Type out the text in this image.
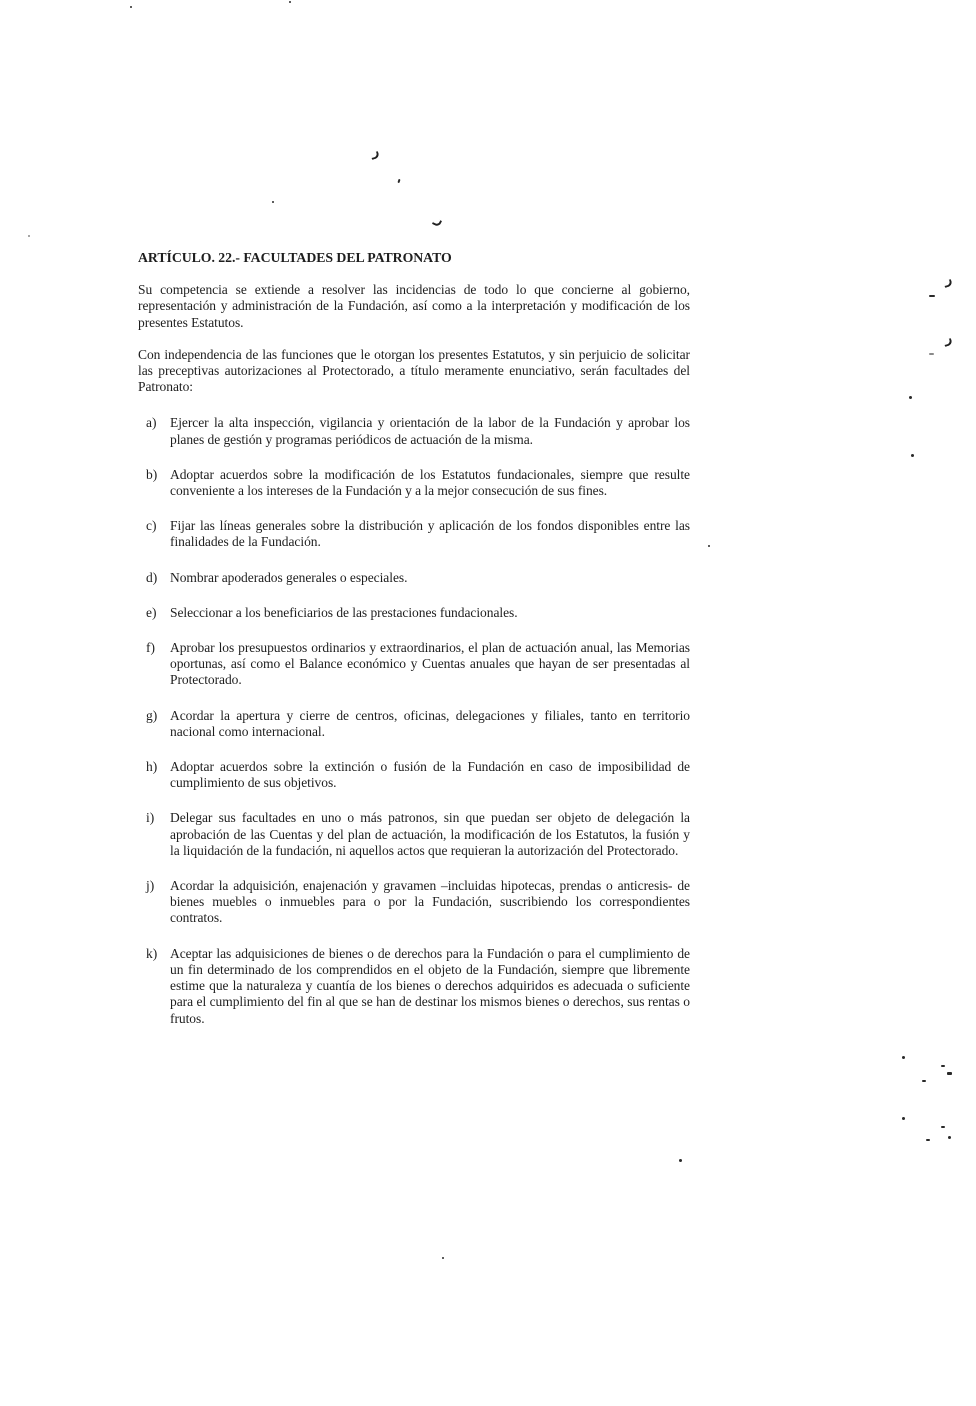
ARTÍCULO. 22.- FACULTADES DEL PATRONATO

Su competencia se extiende a resolver las incidencias de todo lo que concierne al gobierno, representación y administración de la Fundación, así como a la interpretación y modificación de los presentes Estatutos.

Con independencia de las funciones que le otorgan los presentes Estatutos, y sin perjuicio de solicitar las preceptivas autorizaciones al Protectorado, a título meramente enunciativo, serán facultades del Patronato:

a) Ejercer la alta inspección, vigilancia y orientación de la labor de la Fundación y aprobar los planes de gestión y programas periódicos de actuación de la misma.
b) Adoptar acuerdos sobre la modificación de los Estatutos fundacionales, siempre que resulte conveniente a los intereses de la Fundación y a la mejor consecución de sus fines.
c) Fijar las líneas generales sobre la distribución y aplicación de los fondos disponibles entre las finalidades de la Fundación.
d) Nombrar apoderados generales o especiales.
e) Seleccionar a los beneficiarios de las prestaciones fundacionales.
f) Aprobar los presupuestos ordinarios y extraordinarios, el plan de actuación anual, las Memorias oportunas, así como el Balance económico y Cuentas anuales que hayan de ser presentadas al Protectorado.
g) Acordar la apertura y cierre de centros, oficinas, delegaciones y filiales, tanto en territorio nacional como internacional.
h) Adoptar acuerdos sobre la extinción o fusión de la Fundación en caso de imposibilidad de cumplimiento de sus objetivos.
i) Delegar sus facultades en uno o más patronos, sin que puedan ser objeto de delegación la aprobación de las Cuentas y del plan de actuación, la modificación de los Estatutos, la fusión y la liquidación de la fundación, ni aquellos actos que requieran la autorización del Protectorado.
j) Acordar la adquisición, enajenación y gravamen –incluidas hipotecas, prendas o anticresis- de bienes muebles o inmuebles para o por la Fundación, suscribiendo los correspondientes contratos.
k) Aceptar las adquisiciones de bienes o de derechos para la Fundación o para el cumplimiento de un fin determinado de los comprendidos en el objeto de la Fundación, siempre que libremente estime que la naturaleza y cuantía de los bienes o derechos adquiridos es adecuada o suficiente para el cumplimiento del fin al que se han de destinar los mismos bienes o derechos, sus rentas o frutos.
